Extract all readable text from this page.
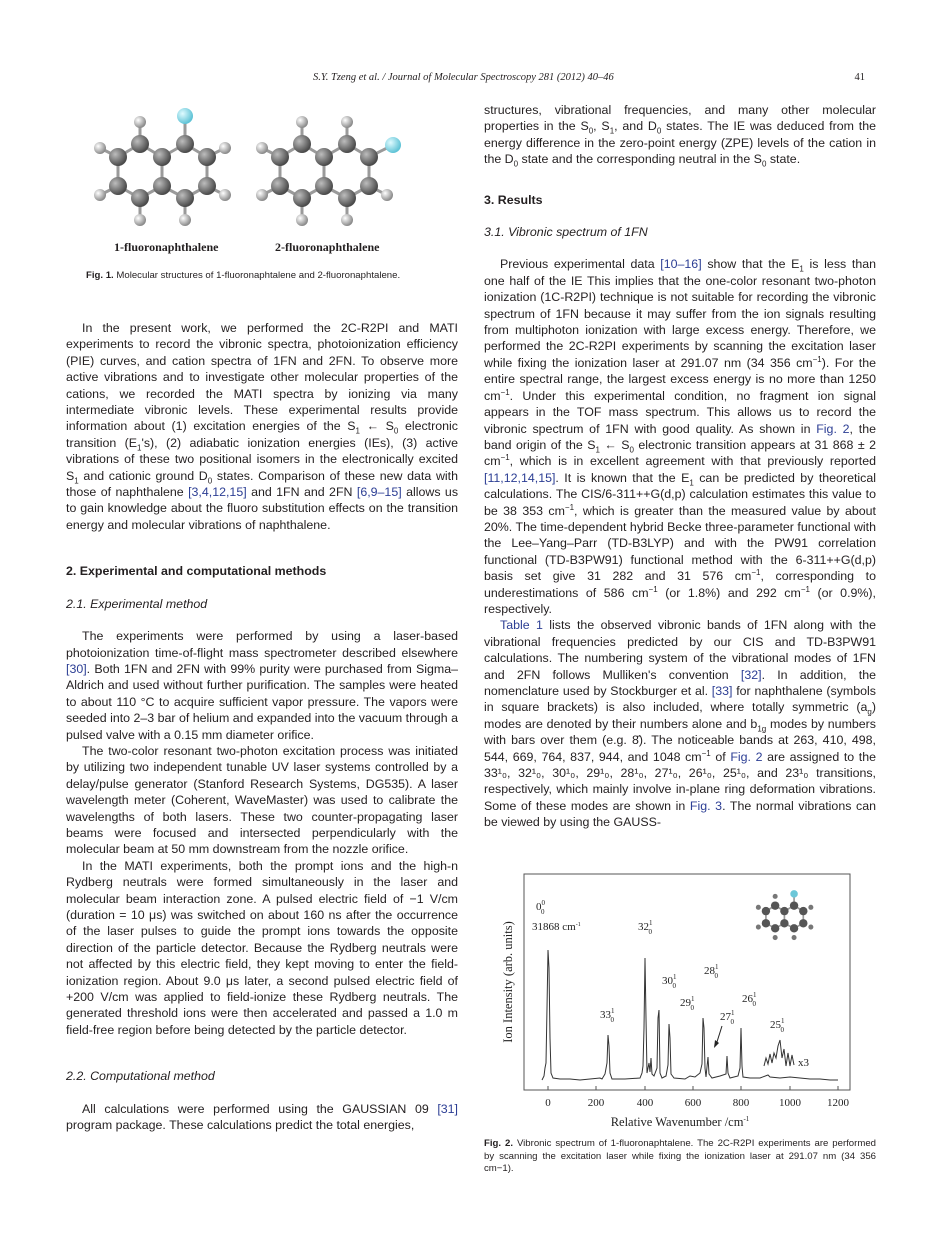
S.Y. Tzeng et al. / Journal of Molecular Spectroscopy 281 (2012) 40–46	41
1-fluoronaphthalene	2-fluoronaphthalene
Fig. 1. Molecular structures of 1-fluoronaphtalene and 2-fluoronaphtalene.

In the present work, we performed the 2C-R2PI and MATI experiments to record the vibronic spectra, photoionization efficiency (PIE) curves, and cation spectra of 1FN and 2FN. To observe more active vibrations and to investigate other molecular properties of the cations, we recorded the MATI spectra by ionizing via many intermediate vibronic levels. These experimental results provide information about (1) excitation energies of the $S_1$ ← $S_0$ electronic transition $(E_1's)$, (2) adiabatic ionization energies (IEs), (3) active vibrations of these two positional isomers in the electronically excited $S_1$ and cationic ground $D_0$ states. Comparison of these new data with those of naphthalene [3,4,12,15] and 1FN and 2FN [6,9–15] allows us to gain knowledge about the fluoro substitution effects on the transition energy and molecular vibrations of naphthalene.

2. Experimental and computational methods

2.1. Experimental method

The experiments were performed by using a laser-based photoionization time-of-flight mass spectrometer described elsewhere [30]. Both 1FN and 2FN with 99% purity were purchased from Sigma–Aldrich and used without further purification. The samples were heated to about 110 °C to acquire sufficient vapor pressure. The vapors were seeded into 2–3 bar of helium and expanded into the vacuum through a pulsed valve with a 0.15 mm diameter orifice.

The two-color resonant two-photon excitation process was initiated by utilizing two independent tunable UV laser systems controlled by a delay/pulse generator (Stanford Research Systems, DG535). A laser wavelength meter (Coherent, WaveMaster) was used to calibrate the wavelengths of both lasers. These two counter-propagating laser beams were focused and intersected perpendicularly with the molecular beam at 50 mm downstream from the nozzle orifice.

In the MATI experiments, both the prompt ions and the high-n Rydberg neutrals were formed simultaneously in the laser and molecular beam interaction zone. A pulsed electric field of −1 V/cm (duration = 10 μs) was switched on about 160 ns after the occurrence of the laser pulses to guide the prompt ions towards the opposite direction of the particle detector. Because the Rydberg neutrals were not affected by this electric field, they kept moving to enter the field-ionization region. About 9.0 μs later, a second pulsed electric field of +200 V/cm was applied to field-ionize these Rydberg neutrals. The generated threshold ions were then accelerated and passed a 1.0 m field-free region before being detected by the particle detector.

2.2. Computational method

All calculations were performed using the GAUSSIAN 09 [31] program package. These calculations predict the total energies,

structures, vibrational frequencies, and many other molecular properties in the $S_0$, $S_1$, and $D_0$ states. The IE was deduced from the energy difference in the zero-point energy (ZPE) levels of the cation in the $D_0$ state and the corresponding neutral in the $S_0$ state.

3. Results

3.1. Vibronic spectrum of 1FN

Previous experimental data [10–16] show that the $E_1$ is less than one half of the IE This implies that the one-color resonant two-photon ionization (1C-R2PI) technique is not suitable for recording the vibronic spectrum of 1FN because it may suffer from the ion signals resulting from multiphoton ionization with large excess energy. Therefore, we performed the 2C-R2PI experiments by scanning the excitation laser while fixing the ionization laser at 291.07 nm (34 356 $cm^{-1}$). For the entire spectral range, the largest excess energy is no more than 1250 $cm^{-1}$. Under this experimental condition, no fragment ion signal appears in the TOF mass spectrum. This allows us to record the vibronic spectrum of 1FN with good quality. As shown in Fig. 2, the band origin of the $S_1$ ← $S_0$ electronic transition appears at 31 868 ± 2 $cm^{-1}$, which is in excellent agreement with that previously reported [11,12,14,15]. It is known that the $E_1$ can be predicted by theoretical calculations. The CIS/6-311++G(d,p) calculation estimates this value to be 38 353 $cm^{-1}$, which is greater than the measured value by about 20%. The time-dependent hybrid Becke three-parameter functional with the Lee–Yang–Parr (TD-B3LYP) and with the PW91 correlation functional (TD-B3PW91) functional method with the 6-311++G(d,p) basis set give 31 282 and 31 576 $cm^{-1}$, corresponding to underestimations of 586 $cm^{-1}$ (or 1.8%) and 292 $cm^{-1}$ (or 0.9%), respectively.

Table 1 lists the observed vibronic bands of 1FN along with the vibrational frequencies predicted by our CIS and TD-B3PW91 calculations. The numbering system of the vibrational modes of 1FN and 2FN follows Mulliken's convention [32]. In addition, the nomenclature used by Stockburger et al. [33] for naphthalene (symbols in square brackets) is also included, where totally symmetric $(a_g)$ modes are denoted by their numbers alone and $b_{1g}$ modes by numbers with bars over them (e.g. 8̄). The noticeable bands at 263, 410, 498, 544, 669, 764, 837, 944, and 1048 $cm^{-1}$ of Fig. 2 are assigned to the 33¹₀, 32¹₀, 30¹₀, 29¹₀, 28¹₀, 27¹₀, 26¹₀, 25¹₀, and 23¹₀ transitions, respectively, which mainly involve in-plane ring deformation vibrations. Some of these modes are shown in Fig. 3. The normal vibrations can be viewed by using the GAUSS-

0	200	400	600	800	1000 1200
Relative Wavenumber $/cm^{-1}$
Ion Intensity (arb. units)
x3
$0^0$ 0
31868 $cm^{-1}$
$33^1$ 0
$32^1$ 0
$30^1$ 0
$29^1$ 0
$28^1$ 0
$27^1$ 0
$26^1$ 0
$25^1$ 0
Fig. 2. Vibronic spectrum of 1-fluoronaphtalene. The 2C-R2PI experiments are performed by scanning the excitation laser while fixing the ionization laser at 291.07 nm (34 356 cm−1).
